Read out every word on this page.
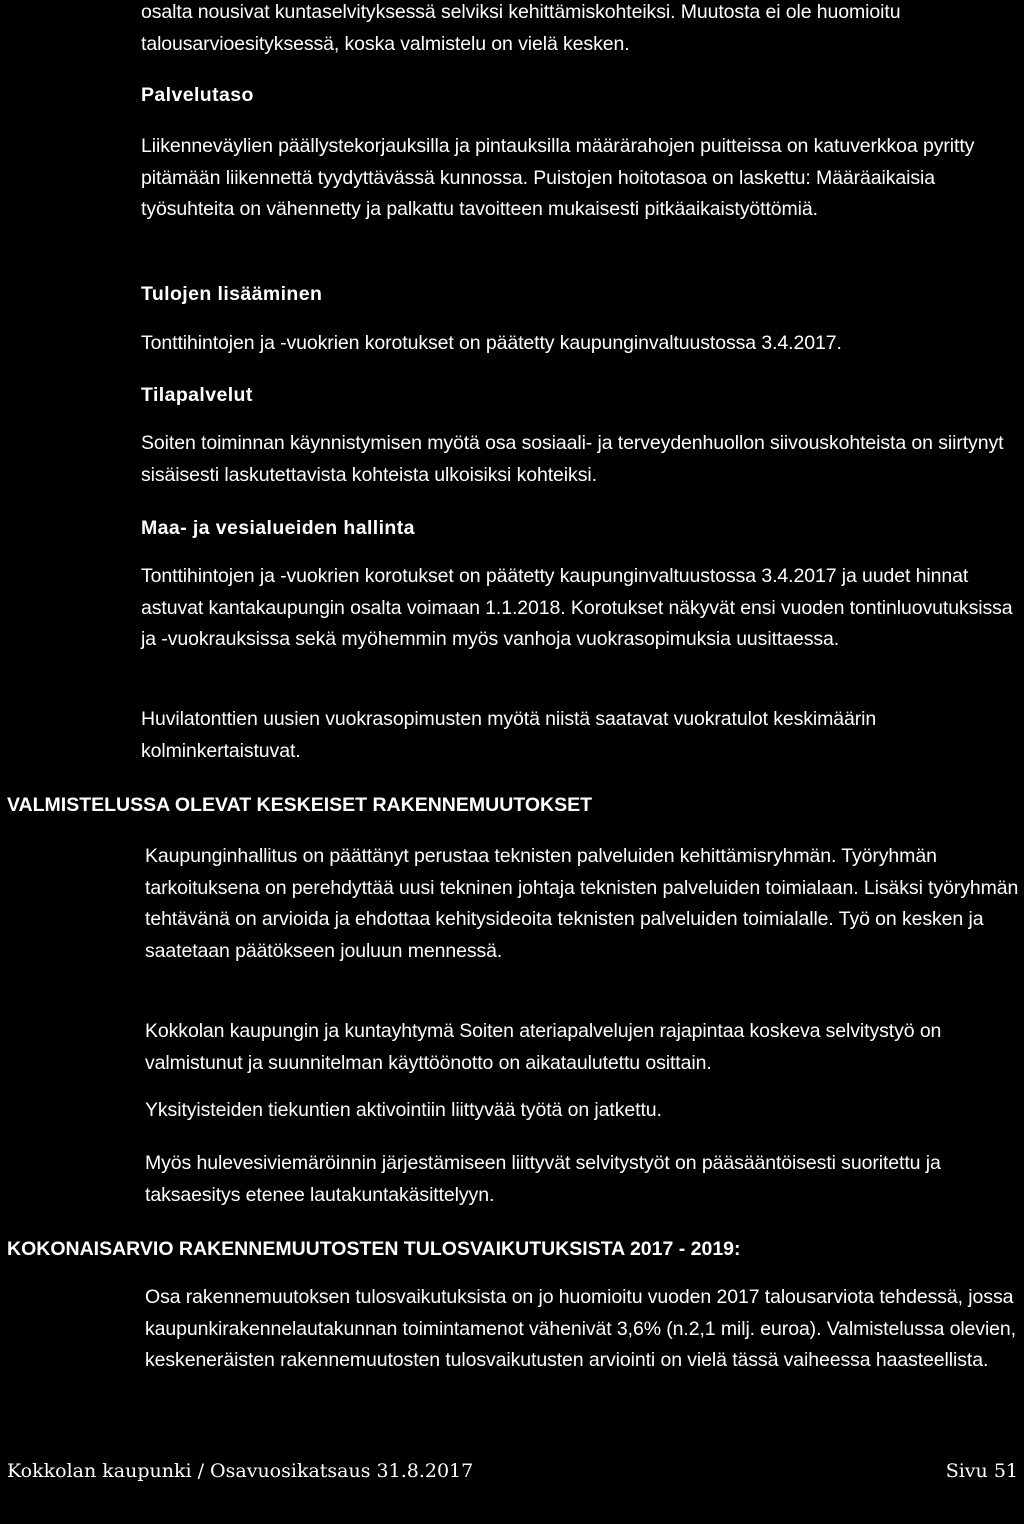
osalta nousivat kuntaselvityksessä selviksi kehittämiskohteiksi. Muutosta ei ole huomioitu talousarvioesityksessä, koska valmistelu on vielä kesken.

Palvelutaso

Liikenneväylien päällystekorjauksilla ja pintauksilla määrärahojen puitteissa on katuverkkoa pyritty pitämään liikennettä tyydyttävässä kunnossa. Puistojen hoitotasoa on laskettu: Määräaikaisia työsuhteita on vähennetty ja palkattu tavoitteen mukaisesti pitkäaikaistyöttömiä.

Tulojen lisääminen

Tonttihintojen ja -vuokrien korotukset on päätetty kaupunginvaltuustossa 3.4.2017.

Tilapalvelut

Soiten toiminnan käynnistymisen myötä osa sosiaali- ja terveydenhuollon siivouskohteista on siirtynyt sisäisesti laskutettavista kohteista ulkoisiksi kohteiksi.

Maa- ja vesialueiden hallinta

Tonttihintojen ja -vuokrien korotukset on päätetty kaupunginvaltuustossa 3.4.2017 ja uudet hinnat astuvat kantakaupungin osalta voimaan 1.1.2018. Korotukset näkyvät ensi vuoden tontinluovutuksissa ja -vuokrauksissa sekä myöhemmin myös vanhoja vuokrasopimuksia uusittaessa.

Huvilatonttien uusien vuokrasopimusten myötä niistä saatavat vuokratulot keskimäärin kolminkertaistuvat.

VALMISTELUSSA OLEVAT KESKEISET RAKENNEMUUTOKSET

Kaupunginhallitus on päättänyt perustaa teknisten palveluiden kehittämisryhmän. Työryhmän tarkoituksena on perehdyttää uusi tekninen johtaja teknisten palveluiden toimialaan. Lisäksi työryhmän tehtävänä on arvioida ja ehdottaa kehitysideoita teknisten palveluiden toimialalle. Työ on kesken ja saatetaan päätökseen jouluun mennessä.

Kokkolan kaupungin ja kuntayhtymä Soiten ateriapalvelujen rajapintaa koskeva selvitystyö on valmistunut ja suunnitelman käyttöönotto on aikataulutettu osittain.

Yksityisteiden tiekuntien aktivointiin liittyvää työtä on jatkettu.

Myös hulevesiviemäröinnin järjestämiseen liittyvät selvitystyöt on pääsääntöisesti suoritettu ja taksaesitys etenee lautakuntakäsittelyyn.

KOKONAISARVIO RAKENNEMUUTOSTEN TULOSVAIKUTUKSISTA 2017 - 2019:

Osa rakennemuutoksen tulosvaikutuksista on jo huomioitu vuoden 2017 talousarviota tehdessä, jossa kaupunkirakennelautakunnan toimintamenot vähenivät 3,6% (n.2,1 milj. euroa). Valmistelussa olevien, keskeneräisten rakennemuutosten tulosvaikutusten arviointi on vielä tässä vaiheessa haasteellista.

Kokkolan kaupunki / Osavuosikatsaus 31.8.2017	Sivu 51
